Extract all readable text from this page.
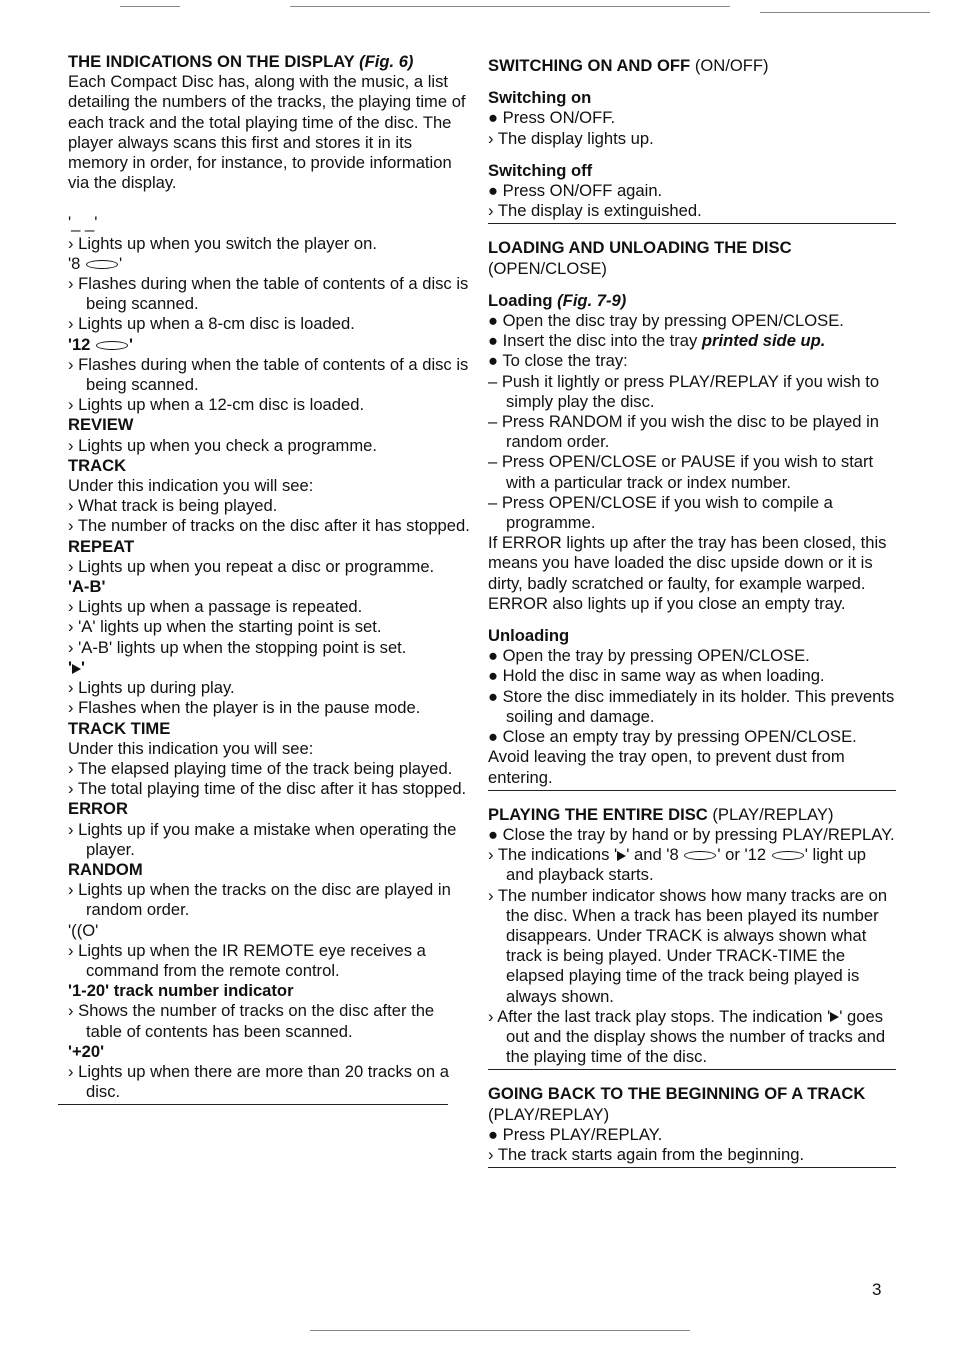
THE INDICATIONS ON THE DISPLAY (Fig. 6)

Each Compact Disc has, along with the music, a list detailing the numbers of the tracks, the playing time of each track and the total playing time of the disc. The player always scans this first and stores it in its memory in order, for instance, to provide information via the display.

'_ _'

› Lights up when you switch the player on.

'8 '

› Flashes during when the table of contents of a disc is being scanned.

› Lights up when a 8-cm disc is loaded.

'12 '

› Flashes during when the table of contents of a disc is being scanned.

› Lights up when a 12-cm disc is loaded.

REVIEW

› Lights up when you check a programme.

TRACK

Under this indication you will see:

› What track is being played.

› The number of tracks on the disc after it has stopped.

REPEAT

› Lights up when you repeat a disc or programme.

'A-B'

› Lights up when a passage is repeated.

› 'A' lights up when the starting point is set.

› 'A-B' lights up when the stopping point is set.

' '

› Lights up during play.

› Flashes when the player is in the pause mode.

TRACK TIME

Under this indication you will see:

› The elapsed playing time of the track being played.

› The total playing time of the disc after it has stopped.

ERROR

› Lights up if you make a mistake when operating the player.

RANDOM

› Lights up when the tracks on the disc are played in random order.

'((O'

› Lights up when the IR REMOTE eye receives a command from the remote control.

'1-20' track number indicator

› Shows the number of tracks on the disc after the table of contents has been scanned.

'+20'

› Lights up when there are more than 20 tracks on a disc.

SWITCHING ON AND OFF (ON/OFF)

Switching on

● Press ON/OFF.

› The display lights up.

Switching off

● Press ON/OFF again.

› The display is extinguished.

LOADING AND UNLOADING THE DISC
(OPEN/CLOSE)

Loading (Fig. 7-9)

● Open the disc tray by pressing OPEN/CLOSE.

● Insert the disc into the tray printed side up.

● To close the tray:

– Push it lightly or press PLAY/REPLAY if you wish to simply play the disc.

– Press RANDOM if you wish the disc to be played in random order.

– Press OPEN/CLOSE or PAUSE if you wish to start with a particular track or index number.

– Press OPEN/CLOSE if you wish to compile a programme.

If ERROR lights up after the tray has been closed, this means you have loaded the disc upside down or it is dirty, badly scratched or faulty, for example warped. ERROR also lights up if you close an empty tray.

Unloading

● Open the tray by pressing OPEN/CLOSE.

● Hold the disc in same way as when loading.

● Store the disc immediately in its holder. This prevents soiling and damage.

● Close an empty tray by pressing OPEN/CLOSE.

Avoid leaving the tray open, to prevent dust from entering.

PLAYING THE ENTIRE DISC (PLAY/REPLAY)

● Close the tray by hand or by pressing PLAY/REPLAY.

› The indications ' ' and '8 ' or '12 ' light up and playback starts.

› The number indicator shows how many tracks are on the disc. When a track has been played its number disappears. Under TRACK is always shown what track is being played. Under TRACK-TIME the elapsed playing time of the track being played is always shown.

› After the last track play stops. The indication ' ' goes out and the display shows the number of tracks and the playing time of the disc.

GOING BACK TO THE BEGINNING OF A TRACK
(PLAY/REPLAY)

● Press PLAY/REPLAY.

› The track starts again from the beginning.

3
